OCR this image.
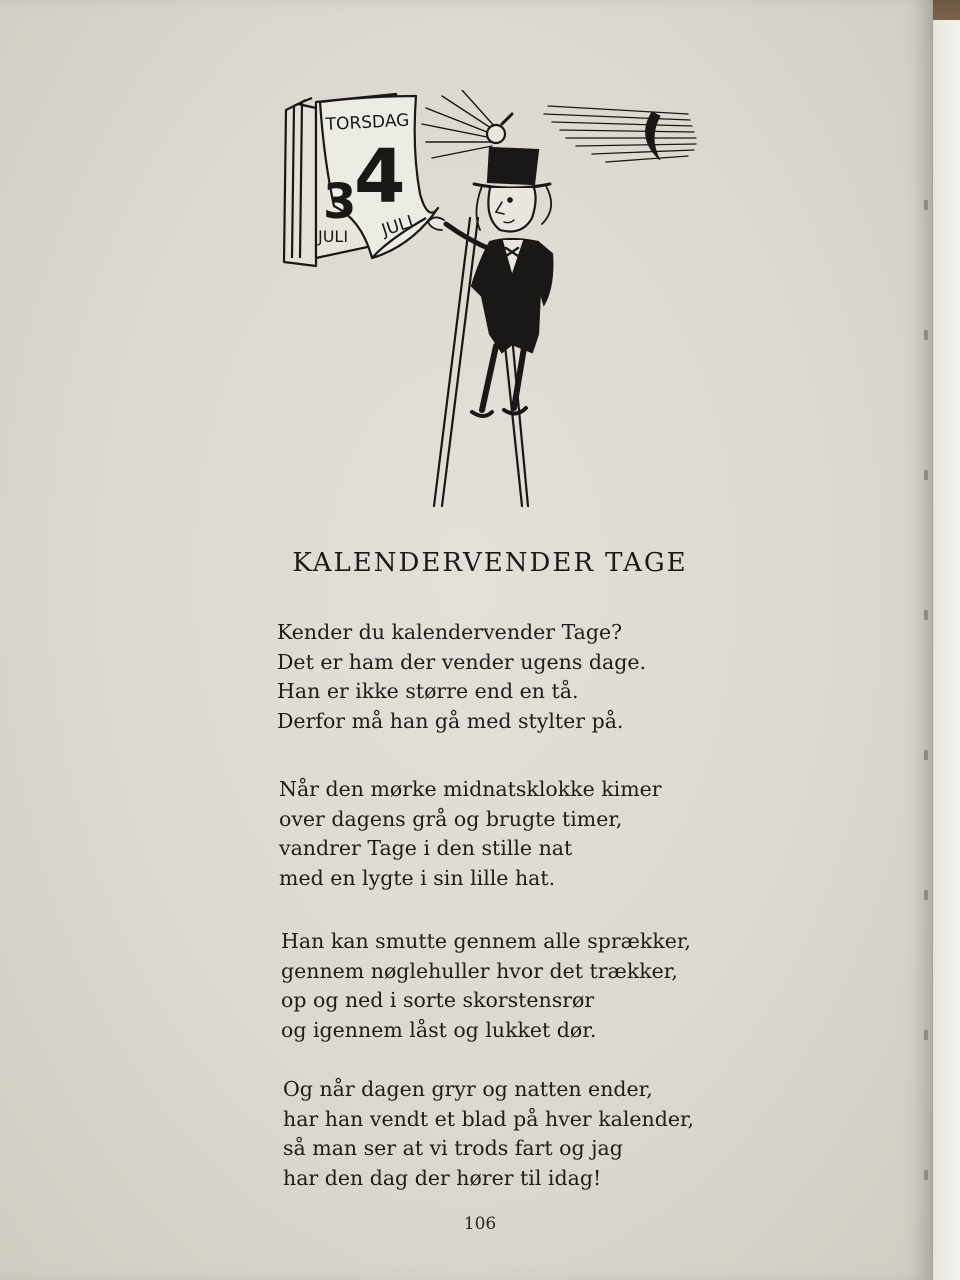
TORSDAG
4
3
JULI JULI
KALENDERVENDER TAGE
Kender du kalendervender Tage?
Det er ham der vender ugens dage.
Han er ikke større end en tå.
Derfor må han gå med stylter på.
Når den mørke midnatsklokke kimer
over dagens grå og brugte timer,
vandrer Tage i den stille nat
med en lygte i sin lille hat.
Han kan smutte gennem alle sprækker,
gennem nøglehuller hvor det trækker,
op og ned i sorte skorstensrør
og igennem låst og lukket dør.
Og når dagen gryr og natten ender,
har han vendt et blad på hver kalender,
så man ser at vi trods fart og jag
har den dag der hører til idag!
106
